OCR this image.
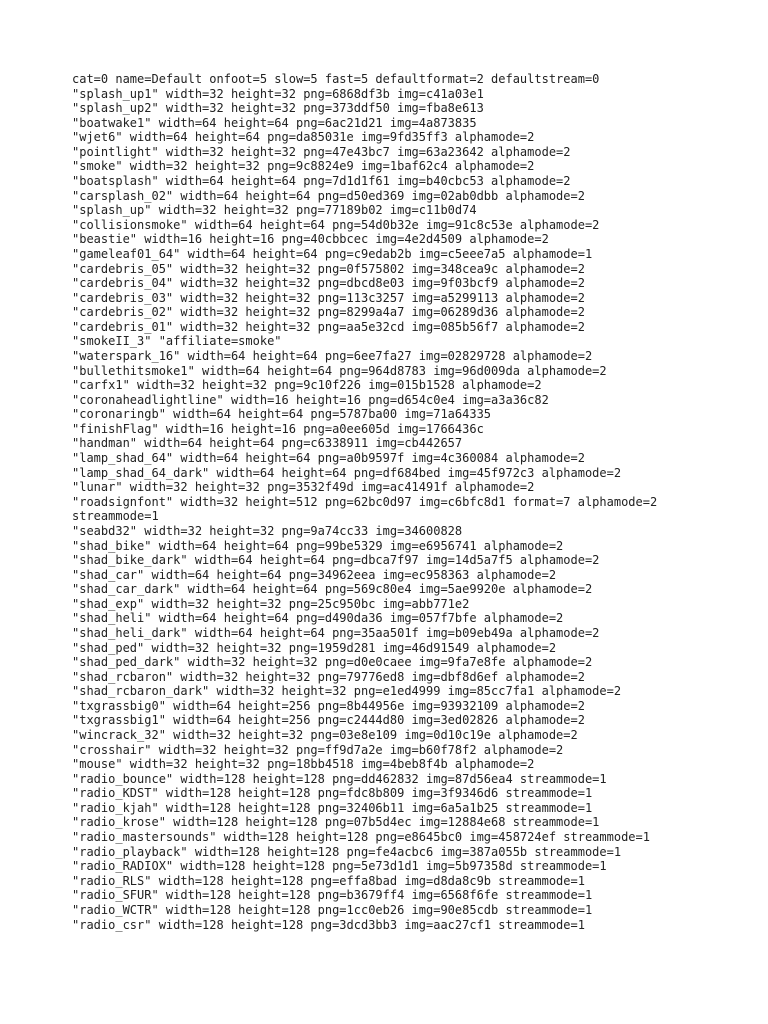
cat=0 name=Default onfoot=5 slow=5 fast=5 defaultformat=2 defaultstream=0
"splash_up1" width=32 height=32 png=6868df3b img=c41a03e1
"splash_up2" width=32 height=32 png=373ddf50 img=fba8e613
"boatwake1" width=64 height=64 png=6ac21d21 img=4a873835
"wjet6" width=64 height=64 png=da85031e img=9fd35ff3 alphamode=2
"pointlight" width=32 height=32 png=47e43bc7 img=63a23642 alphamode=2
"smoke" width=32 height=32 png=9c8824e9 img=1baf62c4 alphamode=2
"boatsplash" width=64 height=64 png=7d1d1f61 img=b40cbc53 alphamode=2
"carsplash_02" width=64 height=64 png=d50ed369 img=02ab0dbb alphamode=2
"splash_up" width=32 height=32 png=77189b02 img=c11b0d74
"collisionsmoke" width=64 height=64 png=54d0b32e img=91c8c53e alphamode=2
"beastie" width=16 height=16 png=40cbbcec img=4e2d4509 alphamode=2
"gameleaf01_64" width=64 height=64 png=c9edab2b img=c5eee7a5 alphamode=1
"cardebris_05" width=32 height=32 png=0f575802 img=348cea9c alphamode=2
"cardebris_04" width=32 height=32 png=dbcd8e03 img=9f03bcf9 alphamode=2
"cardebris_03" width=32 height=32 png=113c3257 img=a5299113 alphamode=2
"cardebris_02" width=32 height=32 png=8299a4a7 img=06289d36 alphamode=2
"cardebris_01" width=32 height=32 png=aa5e32cd img=085b56f7 alphamode=2
"smokeII_3" "affiliate=smoke"
"waterspark_16" width=64 height=64 png=6ee7fa27 img=02829728 alphamode=2
"bullethitsmoke1" width=64 height=64 png=964d8783 img=96d009da alphamode=2
"carfx1" width=32 height=32 png=9c10f226 img=015b1528 alphamode=2
"coronaheadlightline" width=16 height=16 png=d654c0e4 img=a3a36c82
"coronaringb" width=64 height=64 png=5787ba00 img=71a64335
"finishFlag" width=16 height=16 png=a0ee605d img=1766436c
"handman" width=64 height=64 png=c6338911 img=cb442657
"lamp_shad_64" width=64 height=64 png=a0b9597f img=4c360084 alphamode=2
"lamp_shad_64_dark" width=64 height=64 png=df684bed img=45f972c3 alphamode=2
"lunar" width=32 height=32 png=3532f49d img=ac41491f alphamode=2
"roadsignfont" width=32 height=512 png=62bc0d97 img=c6bfc8d1 format=7 alphamode=2
streammode=1
"seabd32" width=32 height=32 png=9a74cc33 img=34600828
"shad_bike" width=64 height=64 png=99be5329 img=e6956741 alphamode=2
"shad_bike_dark" width=64 height=64 png=dbca7f97 img=14d5a7f5 alphamode=2
"shad_car" width=64 height=64 png=34962eea img=ec958363 alphamode=2
"shad_car_dark" width=64 height=64 png=569c80e4 img=5ae9920e alphamode=2
"shad_exp" width=32 height=32 png=25c950bc img=abb771e2
"shad_heli" width=64 height=64 png=d490da36 img=057f7bfe alphamode=2
"shad_heli_dark" width=64 height=64 png=35aa501f img=b09eb49a alphamode=2
"shad_ped" width=32 height=32 png=1959d281 img=46d91549 alphamode=2
"shad_ped_dark" width=32 height=32 png=d0e0caee img=9fa7e8fe alphamode=2
"shad_rcbaron" width=32 height=32 png=79776ed8 img=dbf8d6ef alphamode=2
"shad_rcbaron_dark" width=32 height=32 png=e1ed4999 img=85cc7fa1 alphamode=2
"txgrassbig0" width=64 height=256 png=8b44956e img=93932109 alphamode=2
"txgrassbig1" width=64 height=256 png=c2444d80 img=3ed02826 alphamode=2
"wincrack_32" width=32 height=32 png=03e8e109 img=0d10c19e alphamode=2
"crosshair" width=32 height=32 png=ff9d7a2e img=b60f78f2 alphamode=2
"mouse" width=32 height=32 png=18bb4518 img=4beb8f4b alphamode=2
"radio_bounce" width=128 height=128 png=dd462832 img=87d56ea4 streammode=1
"radio_KDST" width=128 height=128 png=fdc8b809 img=3f9346d6 streammode=1
"radio_kjah" width=128 height=128 png=32406b11 img=6a5a1b25 streammode=1
"radio_krose" width=128 height=128 png=07b5d4ec img=12884e68 streammode=1
"radio_mastersounds" width=128 height=128 png=e8645bc0 img=458724ef streammode=1
"radio_playback" width=128 height=128 png=fe4acbc6 img=387a055b streammode=1
"radio_RADIOX" width=128 height=128 png=5e73d1d1 img=5b97358d streammode=1
"radio_RLS" width=128 height=128 png=effa8bad img=d8da8c9b streammode=1
"radio_SFUR" width=128 height=128 png=b3679ff4 img=6568f6fe streammode=1
"radio_WCTR" width=128 height=128 png=1cc0eb26 img=90e85cdb streammode=1
"radio_csr" width=128 height=128 png=3dcd3bb3 img=aac27cf1 streammode=1
